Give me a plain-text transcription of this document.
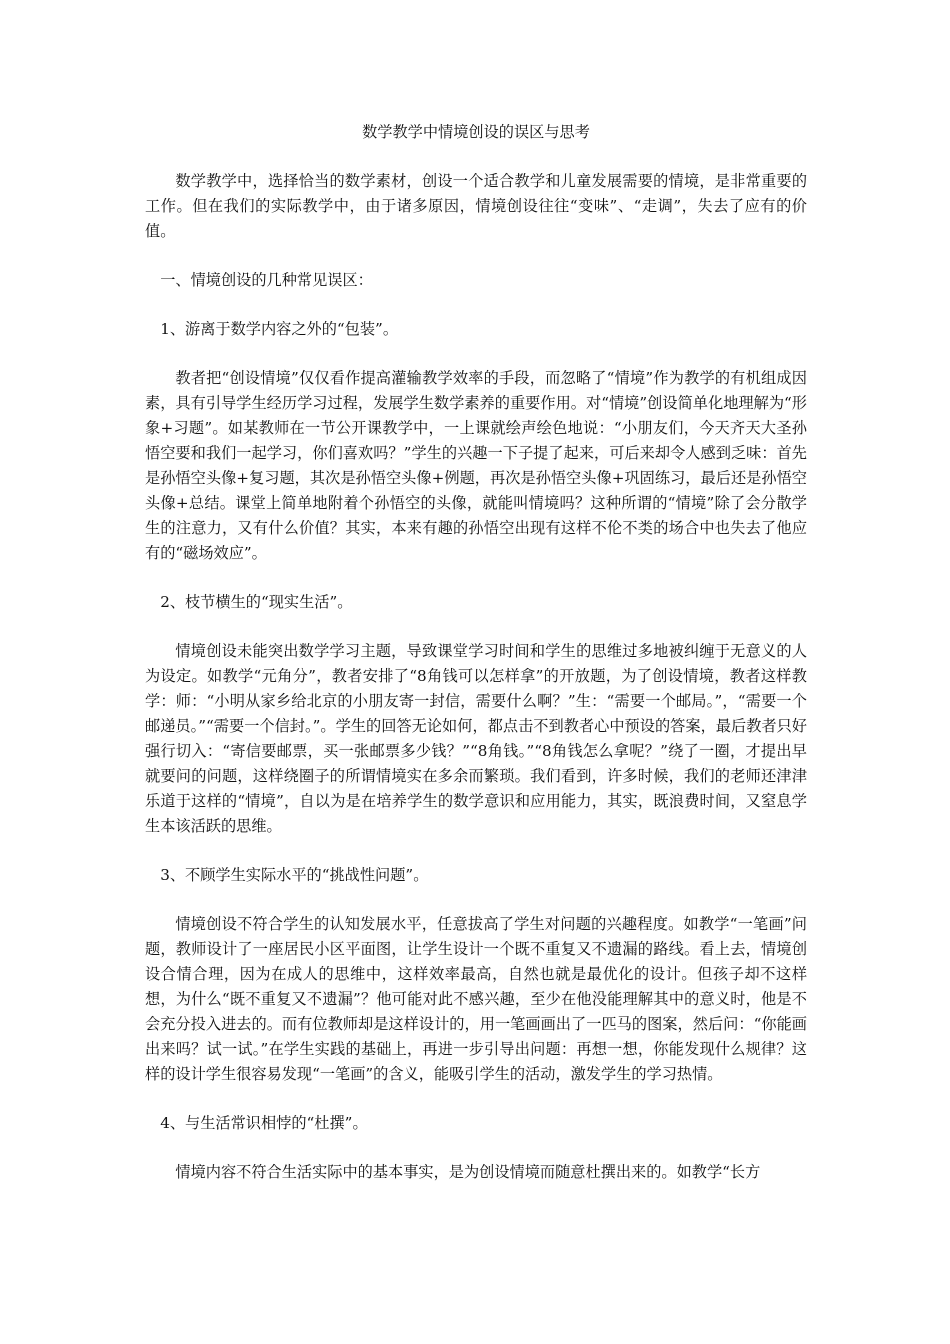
数学教学中情境创设的误区与思考

数学教学中，选择恰当的数学素材，创设一个适合教学和儿童发展需要的情境，是非常重要的工作。但在我们的实际教学中，由于诸多原因，情境创设往往“变味”、“走调”，失去了应有的价值。

一、情境创设的几种常见误区：

1、游离于数学内容之外的“包装”。

教者把“创设情境”仅仅看作提高灌输教学效率的手段，而忽略了“情境”作为教学的有机组成因素，具有引导学生经历学习过程，发展学生数学素养的重要作用。对“情境”创设简单化地理解为“形象+习题”。如某教师在一节公开课教学中，一上课就绘声绘色地说：“小朋友们，今天齐天大圣孙悟空要和我们一起学习，你们喜欢吗？”学生的兴趣一下子提了起来，可后来却令人感到乏味：首先是孙悟空头像+复习题，其次是孙悟空头像+例题，再次是孙悟空头像+巩固练习，最后还是孙悟空头像+总结。课堂上简单地附着个孙悟空的头像，就能叫情境吗？这种所谓的“情境”除了会分散学生的注意力，又有什么价值？其实，本来有趣的孙悟空出现有这样不伦不类的场合中也失去了他应有的“磁场效应”。

2、枝节横生的“现实生活”。

情境创设未能突出数学学习主题，导致课堂学习时间和学生的思维过多地被纠缠于无意义的人为设定。如教学“元角分”，教者安排了“8角钱可以怎样拿”的开放题，为了创设情境，教者这样教学：师：“小明从家乡给北京的小朋友寄一封信，需要什么啊？”生：“需要一个邮局。”，“需要一个邮递员。”“需要一个信封。”。学生的回答无论如何，都点击不到教者心中预设的答案，最后教者只好强行切入：“寄信要邮票，买一张邮票多少钱？”“8角钱。”“8角钱怎么拿呢？”绕了一圈，才提出早就要问的问题，这样绕圈子的所谓情境实在多余而繁琐。我们看到，许多时候，我们的老师还津津乐道于这样的“情境”，自以为是在培养学生的数学意识和应用能力，其实，既浪费时间，又窒息学生本该活跃的思维。

3、不顾学生实际水平的“挑战性问题”。

情境创设不符合学生的认知发展水平，任意拔高了学生对问题的兴趣程度。如教学“一笔画”问题，教师设计了一座居民小区平面图，让学生设计一个既不重复又不遗漏的路线。看上去，情境创设合情合理，因为在成人的思维中，这样效率最高，自然也就是最优化的设计。但孩子却不这样想，为什么“既不重复又不遗漏”？他可能对此不感兴趣，至少在他没能理解其中的意义时，他是不会充分投入进去的。而有位教师却是这样设计的，用一笔画画出了一匹马的图案，然后问：“你能画出来吗？试一试。”在学生实践的基础上，再进一步引导出问题：再想一想，你能发现什么规律？这样的设计学生很容易发现“一笔画”的含义，能吸引学生的活动，激发学生的学习热情。

4、与生活常识相悖的“杜撰”。

情境内容不符合生活实际中的基本事实，是为创设情境而随意杜撰出来的。如教学“长方
